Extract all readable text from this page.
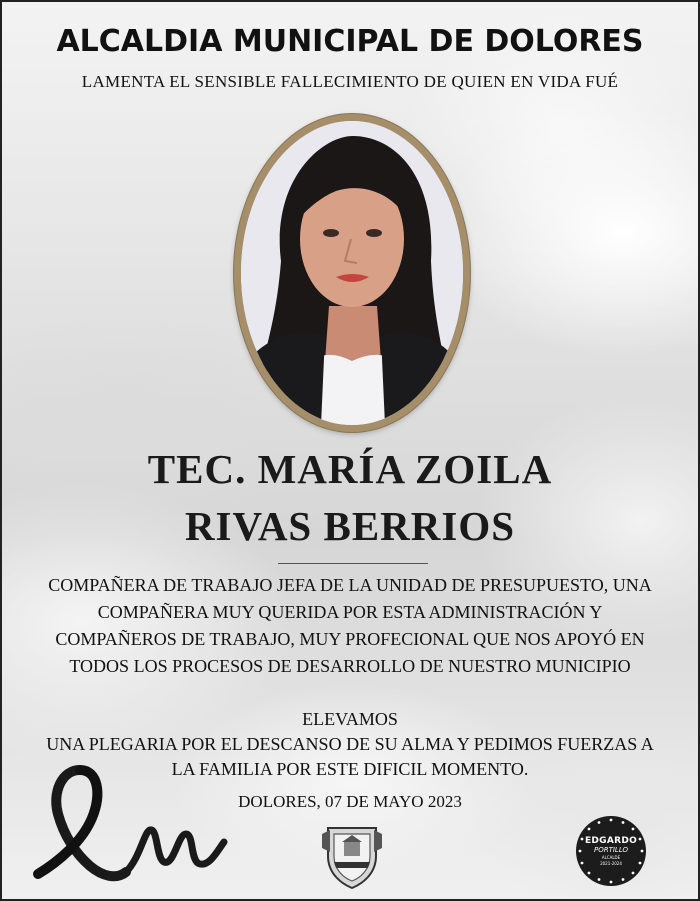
ALCALDIA MUNICIPAL DE DOLORES
LAMENTA EL SENSIBLE FALLECIMIENTO DE QUIEN EN VIDA FUÉ
TEC. MARÍA ZOILA
RIVAS BERRIOS
COMPAÑERA DE TRABAJO JEFA DE LA UNIDAD DE PRESUPUESTO, UNA
COMPAÑERA MUY QUERIDA POR ESTA ADMINISTRACIÓN Y
COMPAÑEROS DE TRABAJO, MUY PROFECIONAL QUE NOS APOYÓ EN
TODOS LOS PROCESOS DE DESARROLLO DE NUESTRO MUNICIPIO
ELEVAMOS
UNA PLEGARIA POR EL DESCANSO DE SU ALMA Y PEDIMOS FUERZAS A
LA FAMILIA POR ESTE DIFICIL MOMENTO.
DOLORES, 07 DE MAYO 2023
EDGARDO
PORTILLO
ALCALDE
2021-2024
